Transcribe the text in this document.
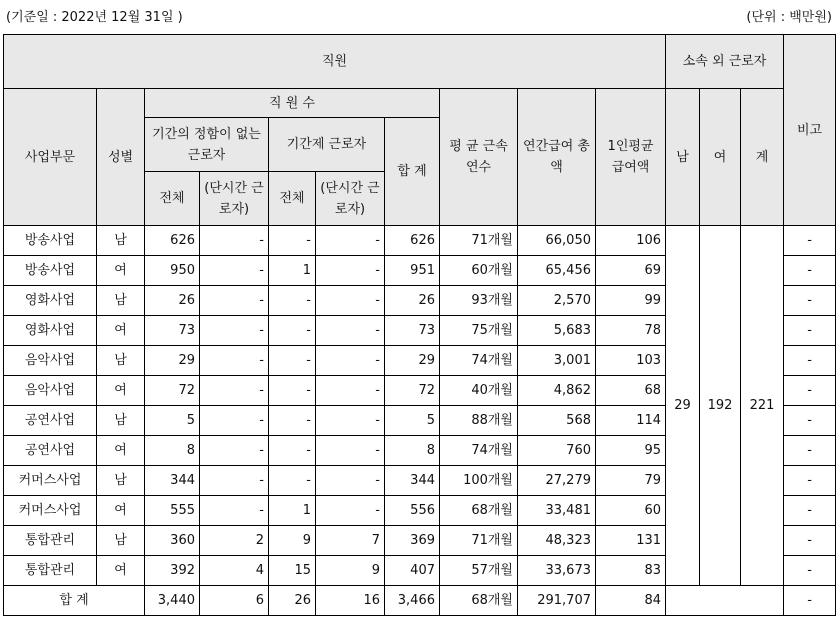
(기준일 : 2022년 12월 31일 )	(단위 : 백만원)
직원										소속 외 근로자			비고
사업부문	성별	직 원 수					평 균 근속연수	연간급여 총 액	1인평균 급여액	남	여	계	
		기간의 정함이 없는 근로자		기간제 근로자		합 계							
		전체	(단시간 근로자)	전체	(단시간 근로자)								
방송사업	남	626	-	-	-	626	71개월	66,050	106	29	192	221	-
방송사업	여	950	-	1	-	951	60개월	65,456	69				-
영화사업	남	26	-	-	-	26	93개월	2,570	99				-
영화사업	여	73	-	-	-	73	75개월	5,683	78				-
음악사업	남	29	-	-	-	29	74개월	3,001	103				-
음악사업	여	72	-	-	-	72	40개월	4,862	68				-
공연사업	남	5	-	-	-	5	88개월	568	114				-
공연사업	여	8	-	-	-	8	74개월	760	95				-
커머스사업	남	344	-	-	-	344	100개월	27,279	79				-
커머스사업	여	555	-	1	-	556	68개월	33,481	60				-
통합관리	남	360	2	9	7	369	71개월	48,323	131				-
통합관리	여	392	4	15	9	407	57개월	33,673	83				-
합 계		3,440	6	26	16	3,466	68개월	291,707	84				-
